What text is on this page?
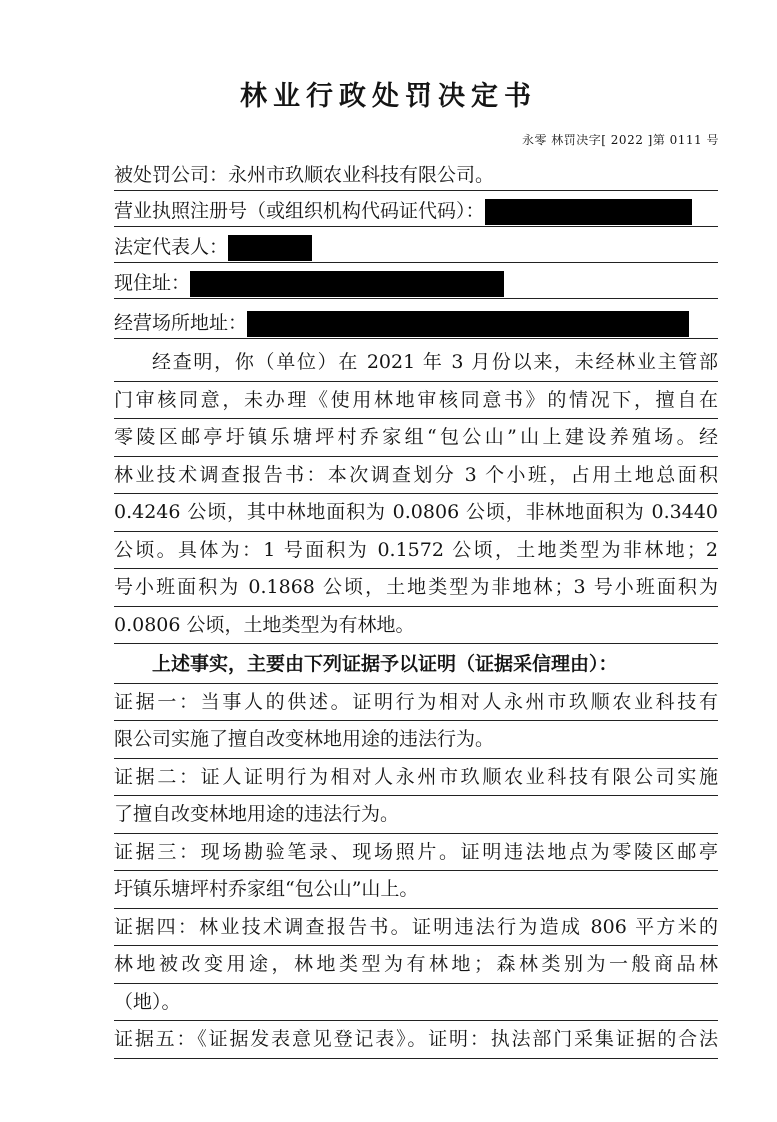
林业行政处罚决定书
永零 林罚决字[ 2022 ]第 0111 号
被处罚公司：永州市玖顺农业科技有限公司。
营业执照注册号（或组织机构代码证代码）：
法定代表人：
现住址：
经营场所地址：
经查明，你（单位）在 2021 年 3 月份以来，未经林业主管部
门审核同意，未办理《使用林地审核同意书》的情况下，擅自在
零陵区邮亭圩镇乐塘坪村乔家组“包公山”山上建设养殖场。经
林业技术调查报告书：本次调查划分 3 个小班，占用土地总面积
0.4246 公顷，其中林地面积为 0.0806 公顷，非林地面积为 0.3440
公顷。具体为：1 号面积为 0.1572 公顷，土地类型为非林地；2
号小班面积为 0.1868 公顷，土地类型为非地林；3 号小班面积为
0.0806 公顷，土地类型为有林地。
上述事实，主要由下列证据予以证明（证据采信理由）：
证据一：当事人的供述。证明行为相对人永州市玖顺农业科技有
限公司实施了擅自改变林地用途的违法行为。
证据二：证人证明行为相对人永州市玖顺农业科技有限公司实施
了擅自改变林地用途的违法行为。
证据三：现场勘验笔录、现场照片。证明违法地点为零陵区邮亭
圩镇乐塘坪村乔家组“包公山”山上。
证据四：林业技术调查报告书。证明违法行为造成 806 平方米的
林地被改变用途，林地类型为有林地；森林类别为一般商品林
（地）。
证据五：《证据发表意见登记表》。证明：执法部门采集证据的合法
